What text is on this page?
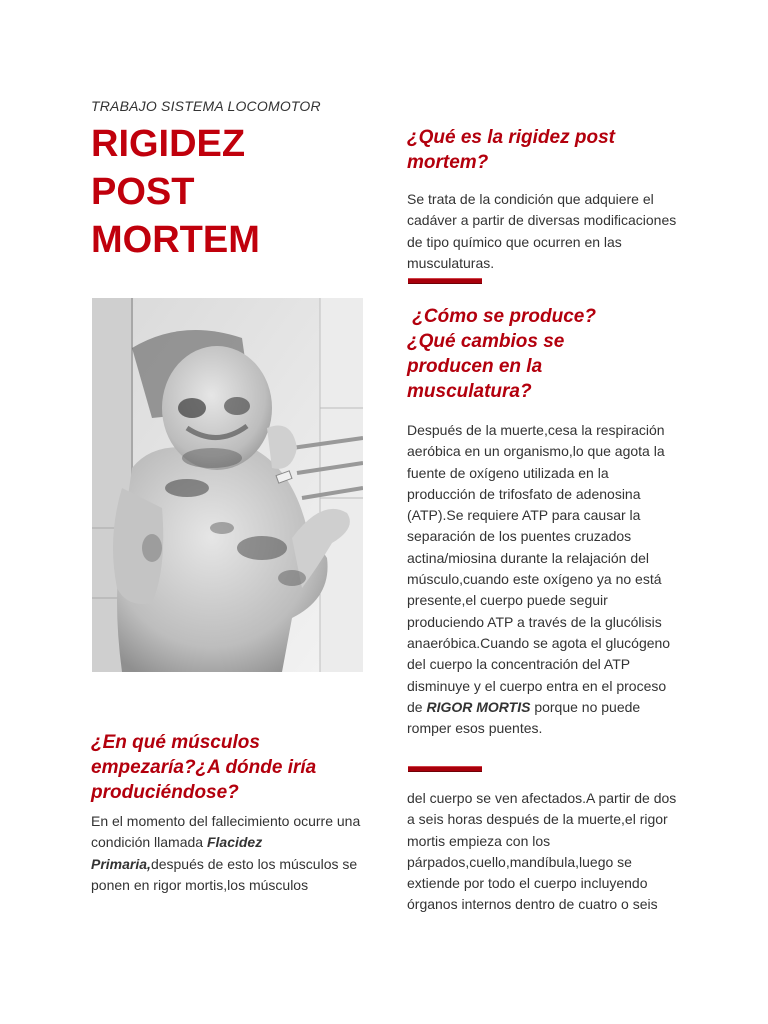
TRABAJO SISTEMA LOCOMOTOR
RIGIDEZ
POST
MORTEM
¿En qué músculos empezaría?¿A dónde iría produciéndose?

En el momento del fallecimiento ocurre una condición llamada Flacidez Primaria,después de esto los músculos se ponen en rigor mortis,los músculos

¿Qué es la rigidez post mortem?

Se trata de la condición que adquiere el cadáver a partir de diversas modificaciones de tipo químico que ocurren en las musculaturas.

¿Cómo se produce? ¿Qué cambios se producen en la musculatura?

Después de la muerte,cesa la respiración aeróbica en un organismo,lo que agota la fuente de oxígeno utilizada en la producción de trifosfato de adenosina (ATP).Se requiere ATP para causar la separación de los puentes cruzados actina/miosina durante la relajación del músculo,cuando este oxígeno ya no está presente,el cuerpo puede seguir produciendo ATP a través de la glucólisis anaeróbica.Cuando se agota el glucógeno del cuerpo la concentración del ATP disminuye y el cuerpo entra en el proceso de RIGOR MORTIS porque no puede romper esos puentes.

del cuerpo se ven afectados.A partir de dos a seis horas después de la muerte,el rigor mortis empieza con los párpados,cuello,mandíbula,luego se extiende por todo el cuerpo incluyendo órganos internos dentro de cuatro o seis
